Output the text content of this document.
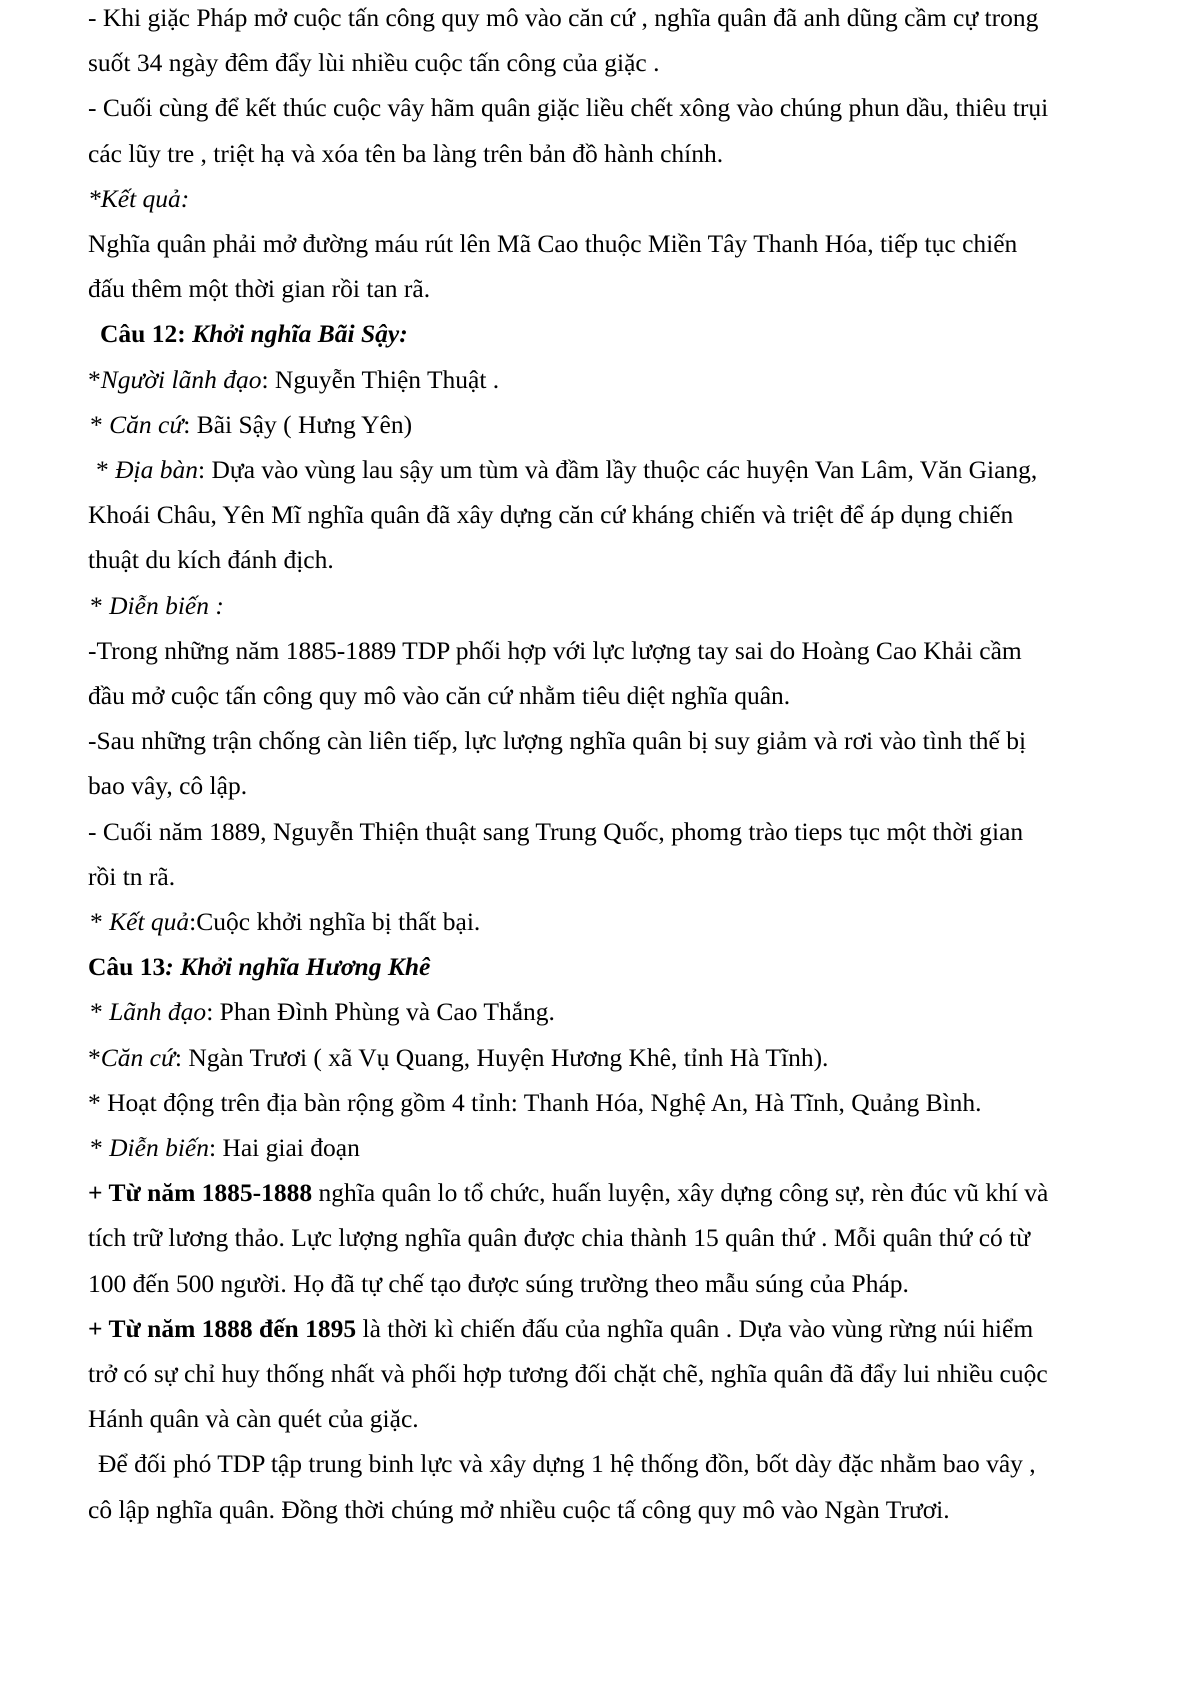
- Khi giặc Pháp mở cuộc tấn công quy mô vào căn cứ , nghĩa quân đã anh dũng cầm cự trong
suốt 34 ngày đêm đẩy lùi nhiều cuộc tấn công của giặc .
- Cuối cùng để kết thúc cuộc vây hãm quân giặc liều chết xông vào chúng phun dầu, thiêu trụi
các lũy tre , triệt hạ và xóa tên ba làng trên bản đồ hành chính.
*Kết quả:
Nghĩa quân phải mở đường máu rút lên Mã Cao thuộc Miền Tây Thanh Hóa, tiếp tục chiến
đấu thêm một thời gian rồi tan rã.
Câu 12: Khởi nghĩa Bãi Sậy:
*Người lãnh đạo: Nguyễn Thiện Thuật .
* Căn cứ: Bãi Sậy ( Hưng Yên)
* Địa bàn: Dựa vào vùng lau sậy um tùm và đầm lầy thuộc các huyện Van Lâm, Văn Giang,
Khoái Châu, Yên Mĩ nghĩa quân đã xây dựng căn cứ kháng chiến và triệt để áp dụng chiến
thuật du kích đánh địch.
* Diễn biến :
-Trong những năm 1885-1889 TDP phối hợp với lực lượng tay sai do Hoàng Cao Khải cầm
đầu mở cuộc tấn công quy mô vào căn cứ nhằm tiêu diệt nghĩa quân.
-Sau những trận chống càn liên tiếp, lực lượng nghĩa quân bị suy giảm và rơi vào tình thế bị
bao vây, cô lập.
- Cuối năm 1889, Nguyễn Thiện thuật sang Trung Quốc, phomg trào tieps tục một thời gian
rồi tn rã.
* Kết quả:Cuộc khởi nghĩa bị thất bại.
Câu 13: Khởi nghĩa Hương Khê
* Lãnh đạo: Phan Đình Phùng và Cao Thắng.
*Căn cứ: Ngàn Trươi ( xã Vụ Quang, Huyện Hương Khê, tỉnh Hà Tĩnh).
* Hoạt động trên địa bàn rộng gồm 4 tỉnh: Thanh Hóa, Nghệ An, Hà Tĩnh, Quảng Bình.
* Diễn biến: Hai giai đoạn
+ Từ năm 1885-1888 nghĩa quân lo tổ chức, huấn luyện, xây dựng công sự, rèn đúc vũ khí và
tích trữ lương thảo. Lực lượng nghĩa quân được chia thành 15 quân thứ . Mỗi quân thứ có từ
100 đến 500 người. Họ đã tự chế tạo được súng trường theo mẫu súng của Pháp.
+ Từ năm 1888 đến 1895 là thời kì chiến đấu của nghĩa quân . Dựa vào vùng rừng núi hiểm
trở có sự chỉ huy thống nhất và phối hợp tương đối chặt chẽ, nghĩa quân đã đẩy lui nhiều cuộc
Hánh quân và càn quét của giặc.
Để đối phó TDP tập trung binh lực và xây dựng 1 hệ thống đồn, bốt dày đặc nhằm bao vây ,
cô lập nghĩa quân. Đồng thời chúng mở nhiều cuộc tấ công quy mô vào Ngàn Trươi.
